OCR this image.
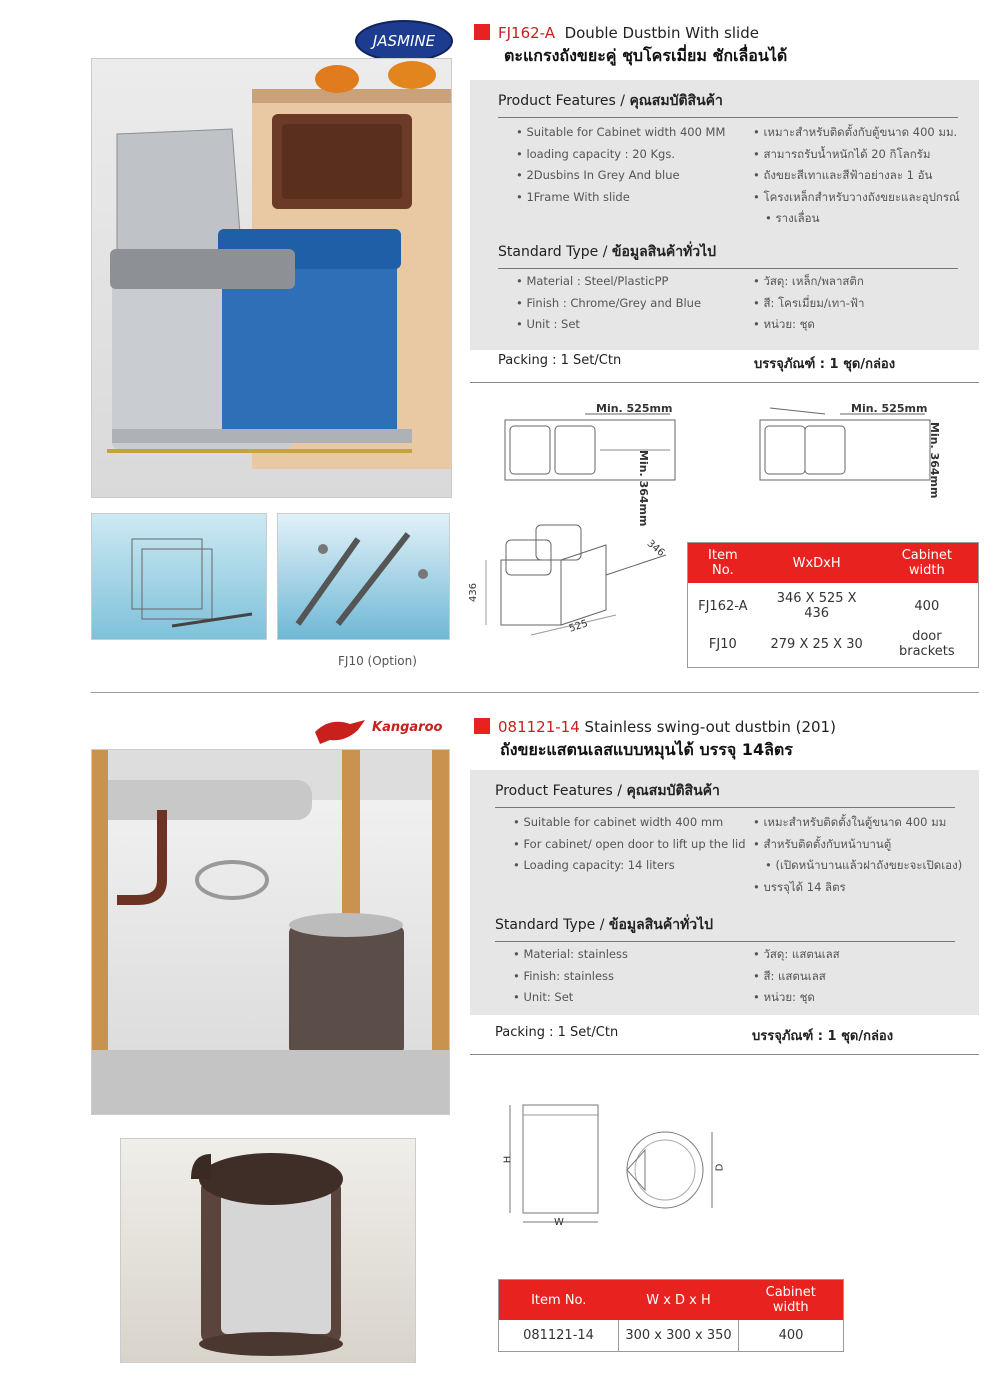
JASMINE	FJ162-A Double Dustbin With slide
ตะแกรงถังขยะคู่ ชุบโครเมี่ยม ชักเลื่อนได้
Product Features / คุณสมบัติสินค้า
• Suitable for Cabinet width 400 MM
• loading capacity : 20 Kgs.
• 2Dusbins In Grey And blue
• 1Frame With slide
• เหมาะสำหรับติดตั้งกับตู้ขนาด 400 มม.
• สามารถรับน้ำหนักได้ 20 กิโลกรัม
• ถังขยะสีเทาและสีฟ้าอย่างละ 1 อัน
• โครงเหล็กสำหรับวางถังขยะและอุปกรณ์
• รางเลื่อน
Standard Type / ข้อมูลสินค้าทั่วไป
• Material : Steel/PlasticPP
• Finish : Chrome/Grey and Blue
• Unit : Set
• วัสดุ: เหล็ก/พลาสติก
• สี: โครเมี่ยม/เทา-ฟ้า
• หน่วย: ชุด
Packing : 1 Set/Ctn	บรรจุภัณฑ์ : 1 ชุด/กล่อง
Min. 525mm
Min. 364mm
Min. 525mm
Min. 364mm
FJ10 (Option)
346
436
525
Item No.	WxDxH	Cabinet width
FJ162-A	346 X 525 X 436	400
FJ10	279 X 25 X 30	door brackets
Kangaroo	081121-14 Stainless swing-out dustbin (201)
ถังขยะแสตนเลสแบบหมุนได้ บรรจุ 14ลิตร
Product Features / คุณสมบัติสินค้า
• Suitable for cabinet width 400 mm
• For cabinet/ open door to lift up the lid
• Loading capacity: 14 liters
• เหมะสำหรับติดตั้งในตู้ขนาด 400 มม
• สำหรับติดตั้งกับหน้าบานตู้
• (เปิดหน้าบานแล้วฝาถังขยะจะเปิดเอง)
• บรรจุได้ 14 ลิตร
Standard Type / ข้อมูลสินค้าทั่วไป
• Material: stainless
• Finish: stainless
• Unit: Set
• วัสดุ: แสตนเลส
• สี: แสตนเลส
• หน่วย: ชุด
Packing : 1 Set/Ctn	บรรจุภัณฑ์ : 1 ชุด/กล่อง
H
W
D
Item No.	W x D x H	Cabinet width
081121-14	300 x 300 x 350	400
